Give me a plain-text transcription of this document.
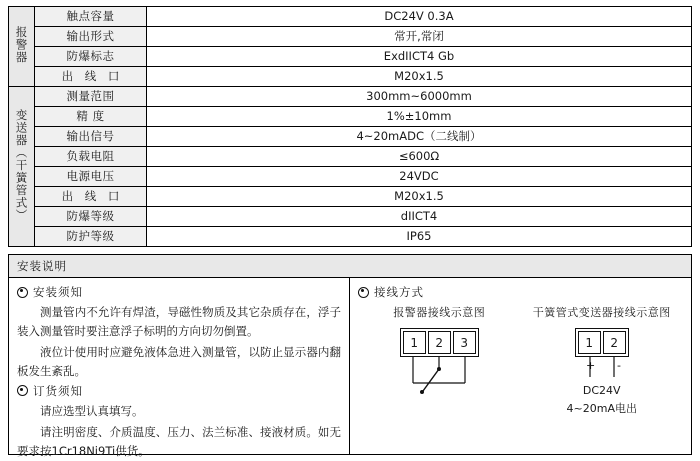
报警器	触点容量	DC24V 0.3A
	输出形式	常开,常闭
	防爆标志	ExdIICT4 Gb
	出 线 口	M20x1.5
变送器（干簧管式）	测量范围	300mm~6000mm
	精 度	1%±10mm
	输出信号	4~20mADC（二线制）
	负载电阻	≤600Ω
	电源电压	24VDC
	出 线 口	M20x1.5
	防爆等级	dIICT4
	防护等级	IP65
安装说明
安装须知

测量管内不允许有焊渣，导磁性物质及其它杂质存在，浮子装入测量管时要注意浮子标明的方向切勿倒置。

液位计使用时应避免液体急进入测量管，以防止显示器内翻板发生紊乱。

订货须知

请应选型认真填写。

请注明密度、介质温度、压力、法兰标准、接液材质。如无要求按1Cr18Ni9Ti供货。

接线方式
报警器接线示意图
1	2	3
干簧管式变送器接线示意图
1	2
+ -
DC24V
4~20mA电出
